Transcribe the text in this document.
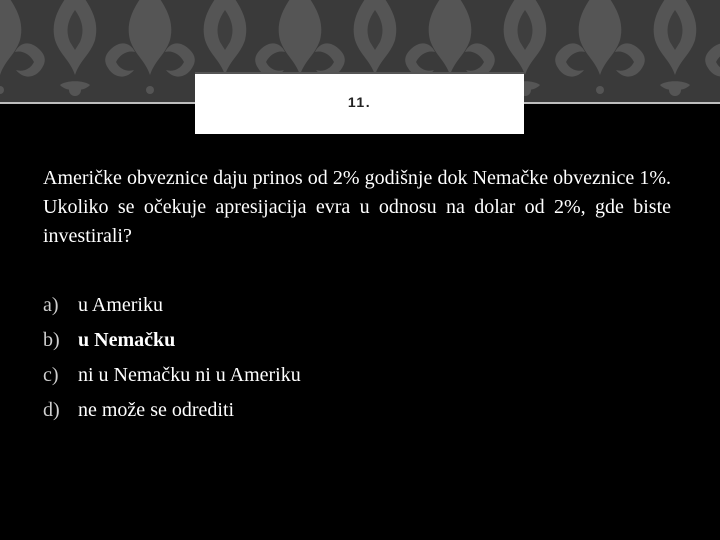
11.

Američke obveznice daju prinos od 2% godišnje dok Nemačke obveznice 1%. Ukoliko se očekuje apresijacija evra u odnosu na dolar od 2%, gde biste investirali?

a) u Ameriku
b) u Nemačku
c) ni u Nemačku ni u Ameriku
d) ne može se odrediti
